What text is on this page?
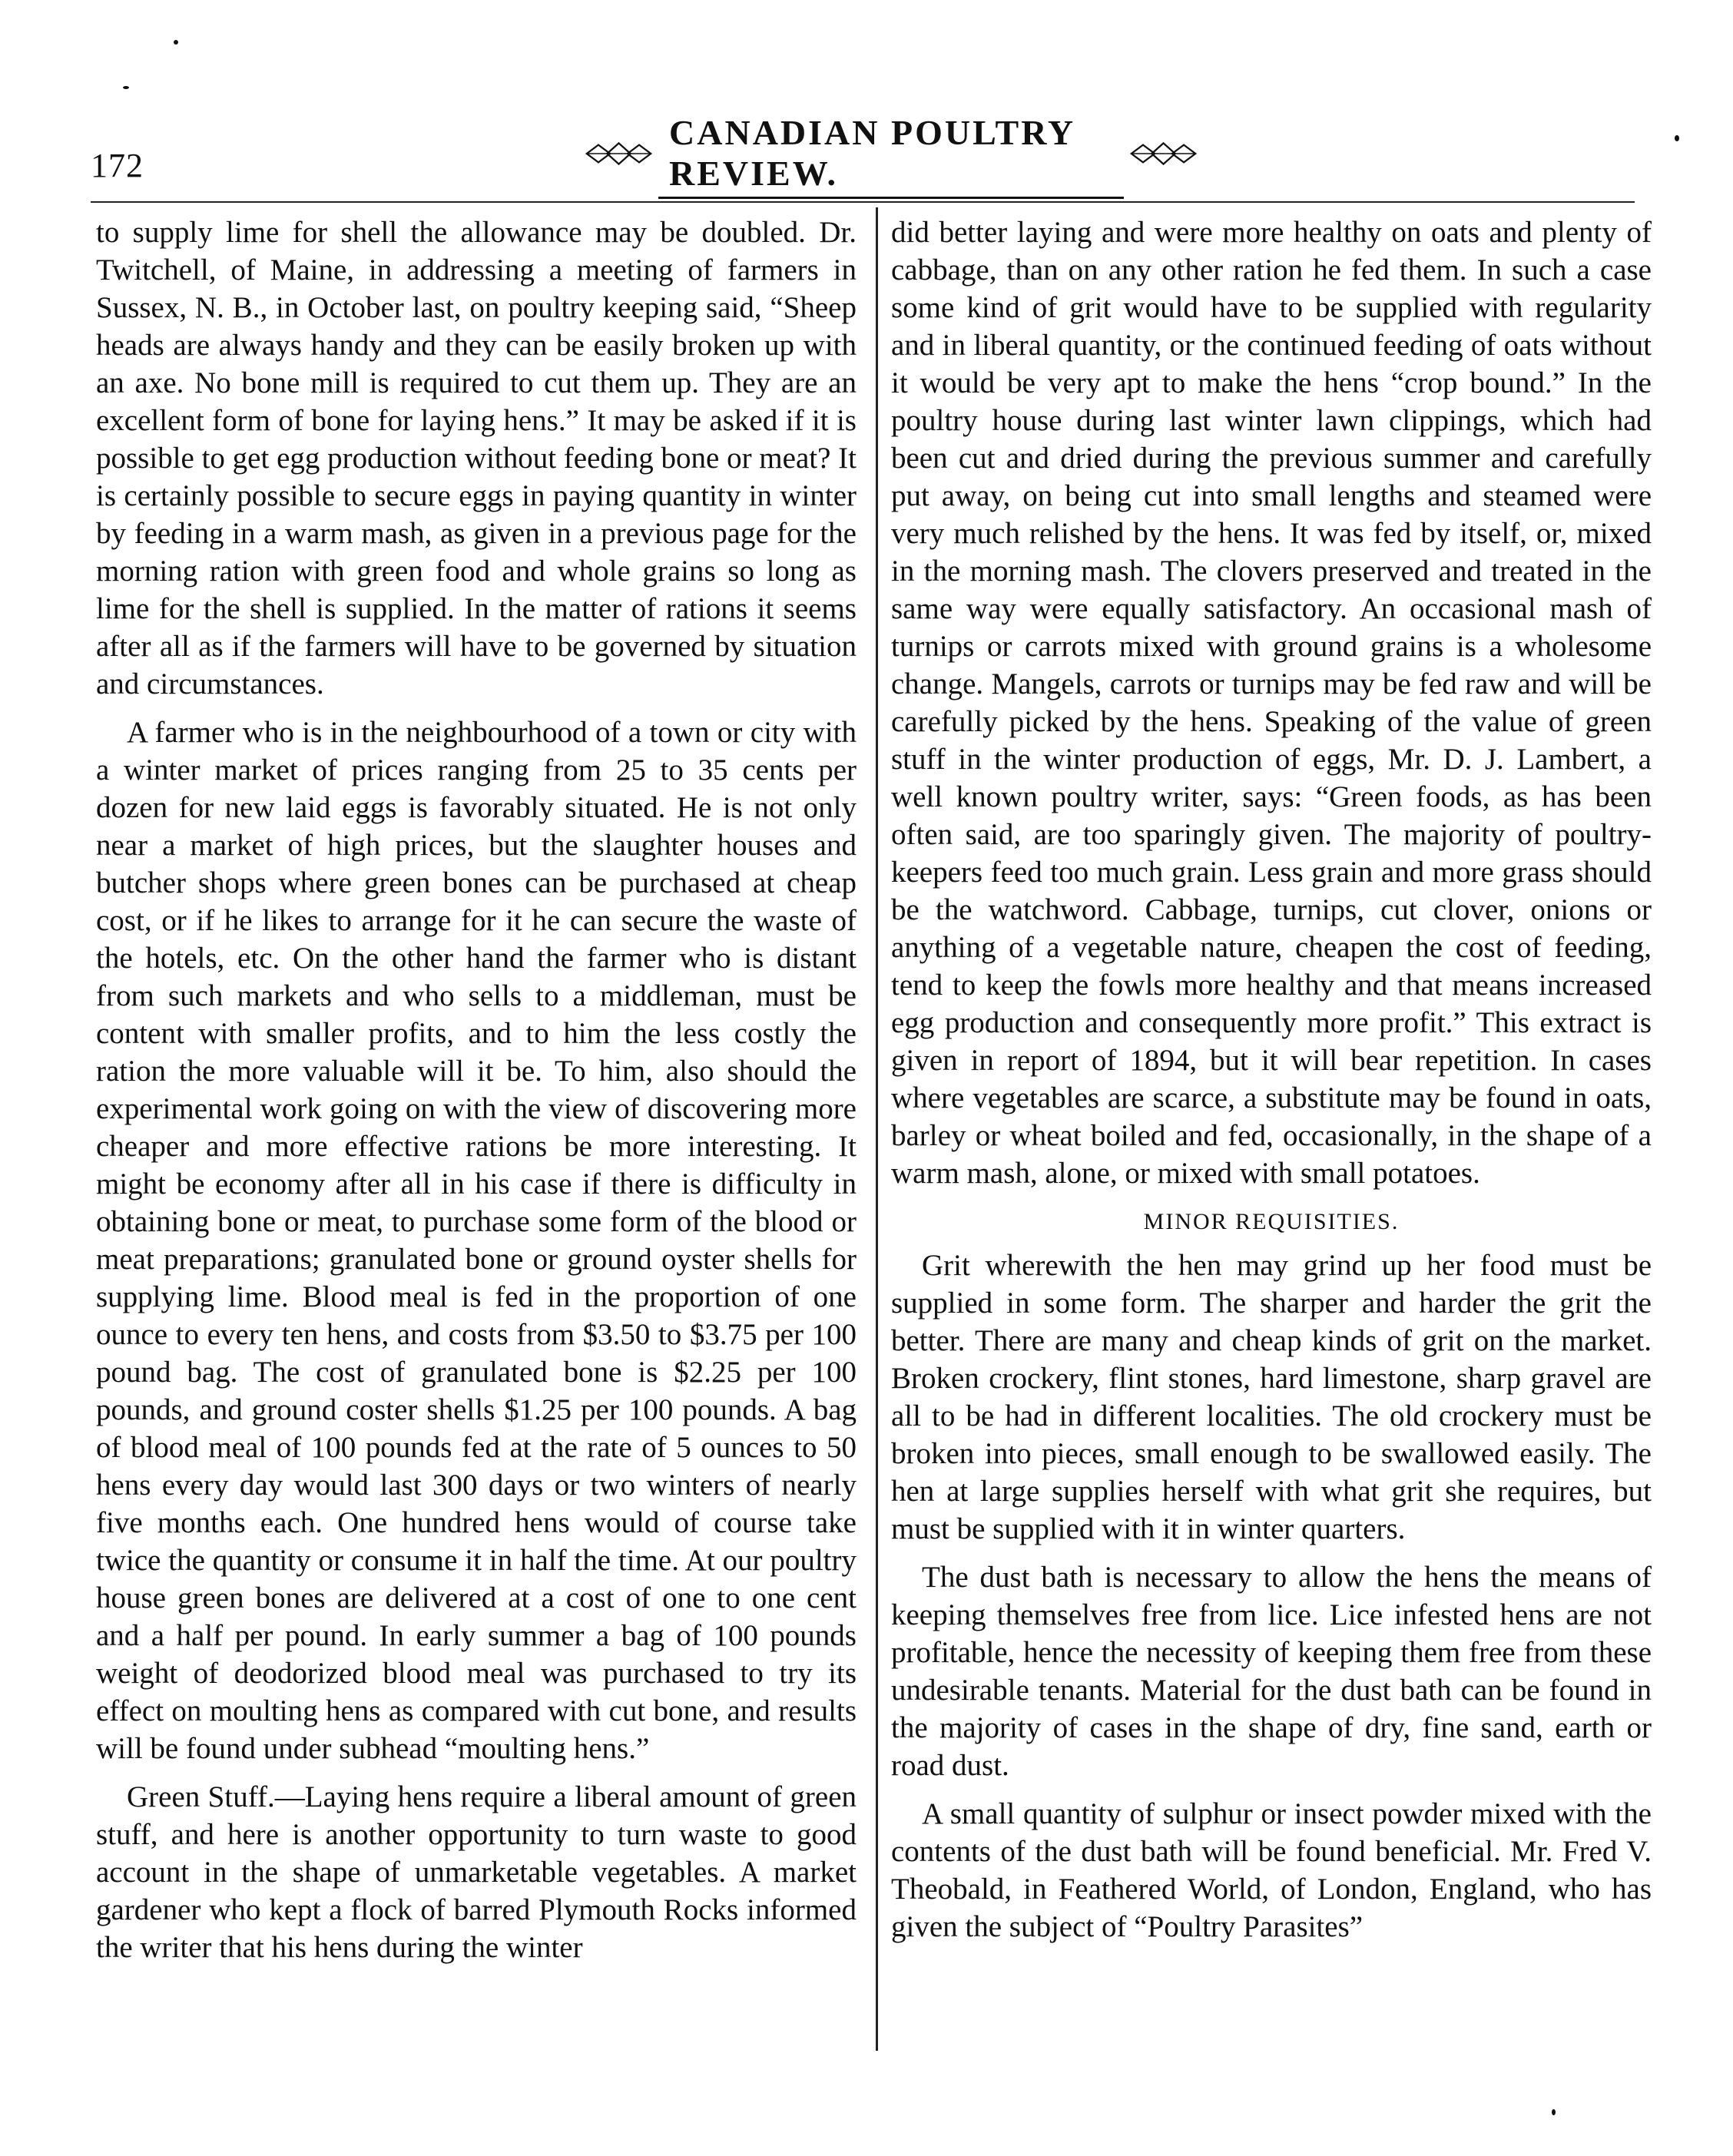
172
CANADIAN POULTRY REVIEW.

to supply lime for shell the allowance may be doubled. Dr. Twitchell, of Maine, in addressing a meeting of farmers in Sussex, N. B., in October last, on poultry keeping said, “Sheep heads are always handy and they can be easily broken up with an axe. No bone mill is required to cut them up. They are an excellent form of bone for laying hens.” It may be asked if it is possible to get egg production without feeding bone or meat? It is certainly possible to secure eggs in paying quantity in winter by feeding in a warm mash, as given in a previous page for the morning ration with green food and whole grains so long as lime for the shell is supplied. In the matter of rations it seems after all as if the farmers will have to be governed by situation and circumstances.

A farmer who is in the neighbourhood of a town or city with a winter market of prices ranging from 25 to 35 cents per dozen for new laid eggs is favorably situated. He is not only near a market of high prices, but the slaughter houses and butcher shops where green bones can be purchased at cheap cost, or if he likes to arrange for it he can secure the waste of the hotels, etc. On the other hand the farmer who is distant from such markets and who sells to a middleman, must be content with smaller profits, and to him the less costly the ration the more valuable will it be. To him, also should the experimental work going on with the view of discovering more cheaper and more effective rations be more interesting. It might be economy after all in his case if there is difficulty in obtaining bone or meat, to purchase some form of the blood or meat preparations; granulated bone or ground oyster shells for supplying lime. Blood meal is fed in the proportion of one ounce to every ten hens, and costs from $3.50 to $3.75 per 100 pound bag. The cost of granulated bone is $2.25 per 100 pounds, and ground coster shells $1.25 per 100 pounds. A bag of blood meal of 100 pounds fed at the rate of 5 ounces to 50 hens every day would last 300 days or two winters of nearly five months each. One hundred hens would of course take twice the quantity or consume it in half the time. At our poultry house green bones are delivered at a cost of one to one cent and a half per pound. In early summer a bag of 100 pounds weight of deodorized blood meal was purchased to try its effect on moulting hens as compared with cut bone, and results will be found under subhead “moulting hens.”

Green Stuff.—Laying hens require a liberal amount of green stuff, and here is another opportunity to turn waste to good account in the shape of unmarketable vegetables. A market gardener who kept a flock of barred Plymouth Rocks informed the writer that his hens during the winter

did better laying and were more healthy on oats and plenty of cabbage, than on any other ration he fed them. In such a case some kind of grit would have to be supplied with regularity and in liberal quantity, or the continued feeding of oats without it would be very apt to make the hens “crop bound.” In the poultry house during last winter lawn clippings, which had been cut and dried during the previous summer and carefully put away, on being cut into small lengths and steamed were very much relished by the hens. It was fed by itself, or, mixed in the morning mash. The clovers preserved and treated in the same way were equally satisfactory. An occasional mash of turnips or carrots mixed with ground grains is a wholesome change. Mangels, carrots or turnips may be fed raw and will be carefully picked by the hens. Speaking of the value of green stuff in the winter production of eggs, Mr. D. J. Lambert, a well known poultry writer, says: “Green foods, as has been often said, are too sparingly given. The majority of poultry-keepers feed too much grain. Less grain and more grass should be the watchword. Cabbage, turnips, cut clover, onions or anything of a vegetable nature, cheapen the cost of feeding, tend to keep the fowls more healthy and that means increased egg production and consequently more profit.” This extract is given in report of 1894, but it will bear repetition. In cases where vegetables are scarce, a substitute may be found in oats, barley or wheat boiled and fed, occasionally, in the shape of a warm mash, alone, or mixed with small potatoes.

MINOR REQUISITIES.

Grit wherewith the hen may grind up her food must be supplied in some form. The sharper and harder the grit the better. There are many and cheap kinds of grit on the market. Broken crockery, flint stones, hard limestone, sharp gravel are all to be had in different localities. The old crockery must be broken into pieces, small enough to be swallowed easily. The hen at large supplies herself with what grit she requires, but must be supplied with it in winter quarters.

The dust bath is necessary to allow the hens the means of keeping themselves free from lice. Lice infested hens are not profitable, hence the necessity of keeping them free from these undesirable tenants. Material for the dust bath can be found in the majority of cases in the shape of dry, fine sand, earth or road dust.

A small quantity of sulphur or insect powder mixed with the contents of the dust bath will be found beneficial. Mr. Fred V. Theobald, in Feathered World, of London, England, who has given the subject of “Poultry Parasites”
